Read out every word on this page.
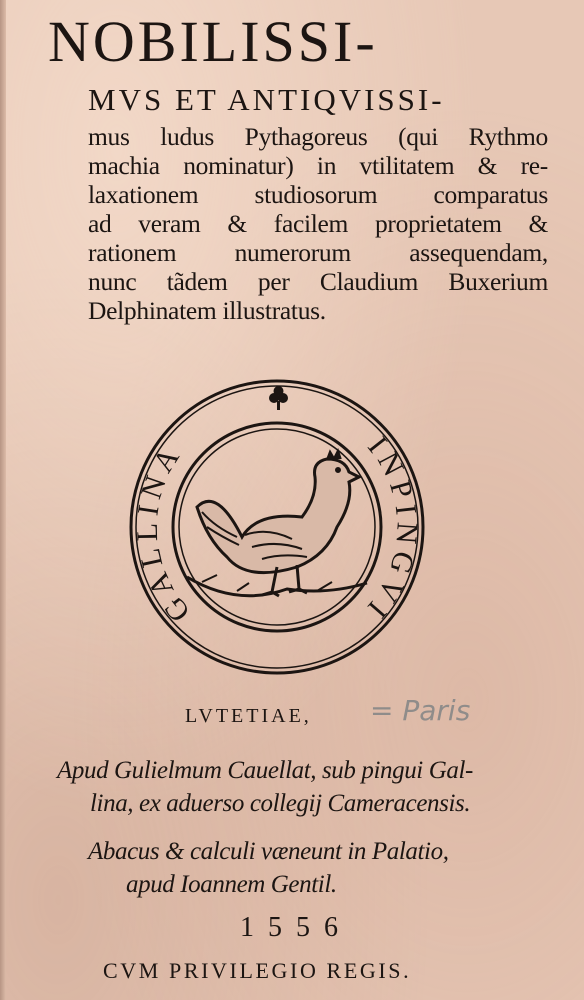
NOBILISSI-
MVS ET ANTIQVISSI-
mus ludus Pythagoreus (qui Rythmo
machia nominatur) in vtilitatem & re-
laxationem studiosorum comparatus
ad veram & facilem proprietatem &
rationem numerorum assequendam,
nunc tãdem per Claudium Buxerium
Delphinatem illustratus.
GALLINA	INPINGVI
LVTETIAE, = Paris
Apud Gulielmum Cauellat, sub pingui Gal-
lina, ex aduerso collegij Cameracensis.
Abacus & calculi væneunt in Palatio,
apud Ioannem Gentil.
1556
CVM PRIVILEGIO REGIS.
